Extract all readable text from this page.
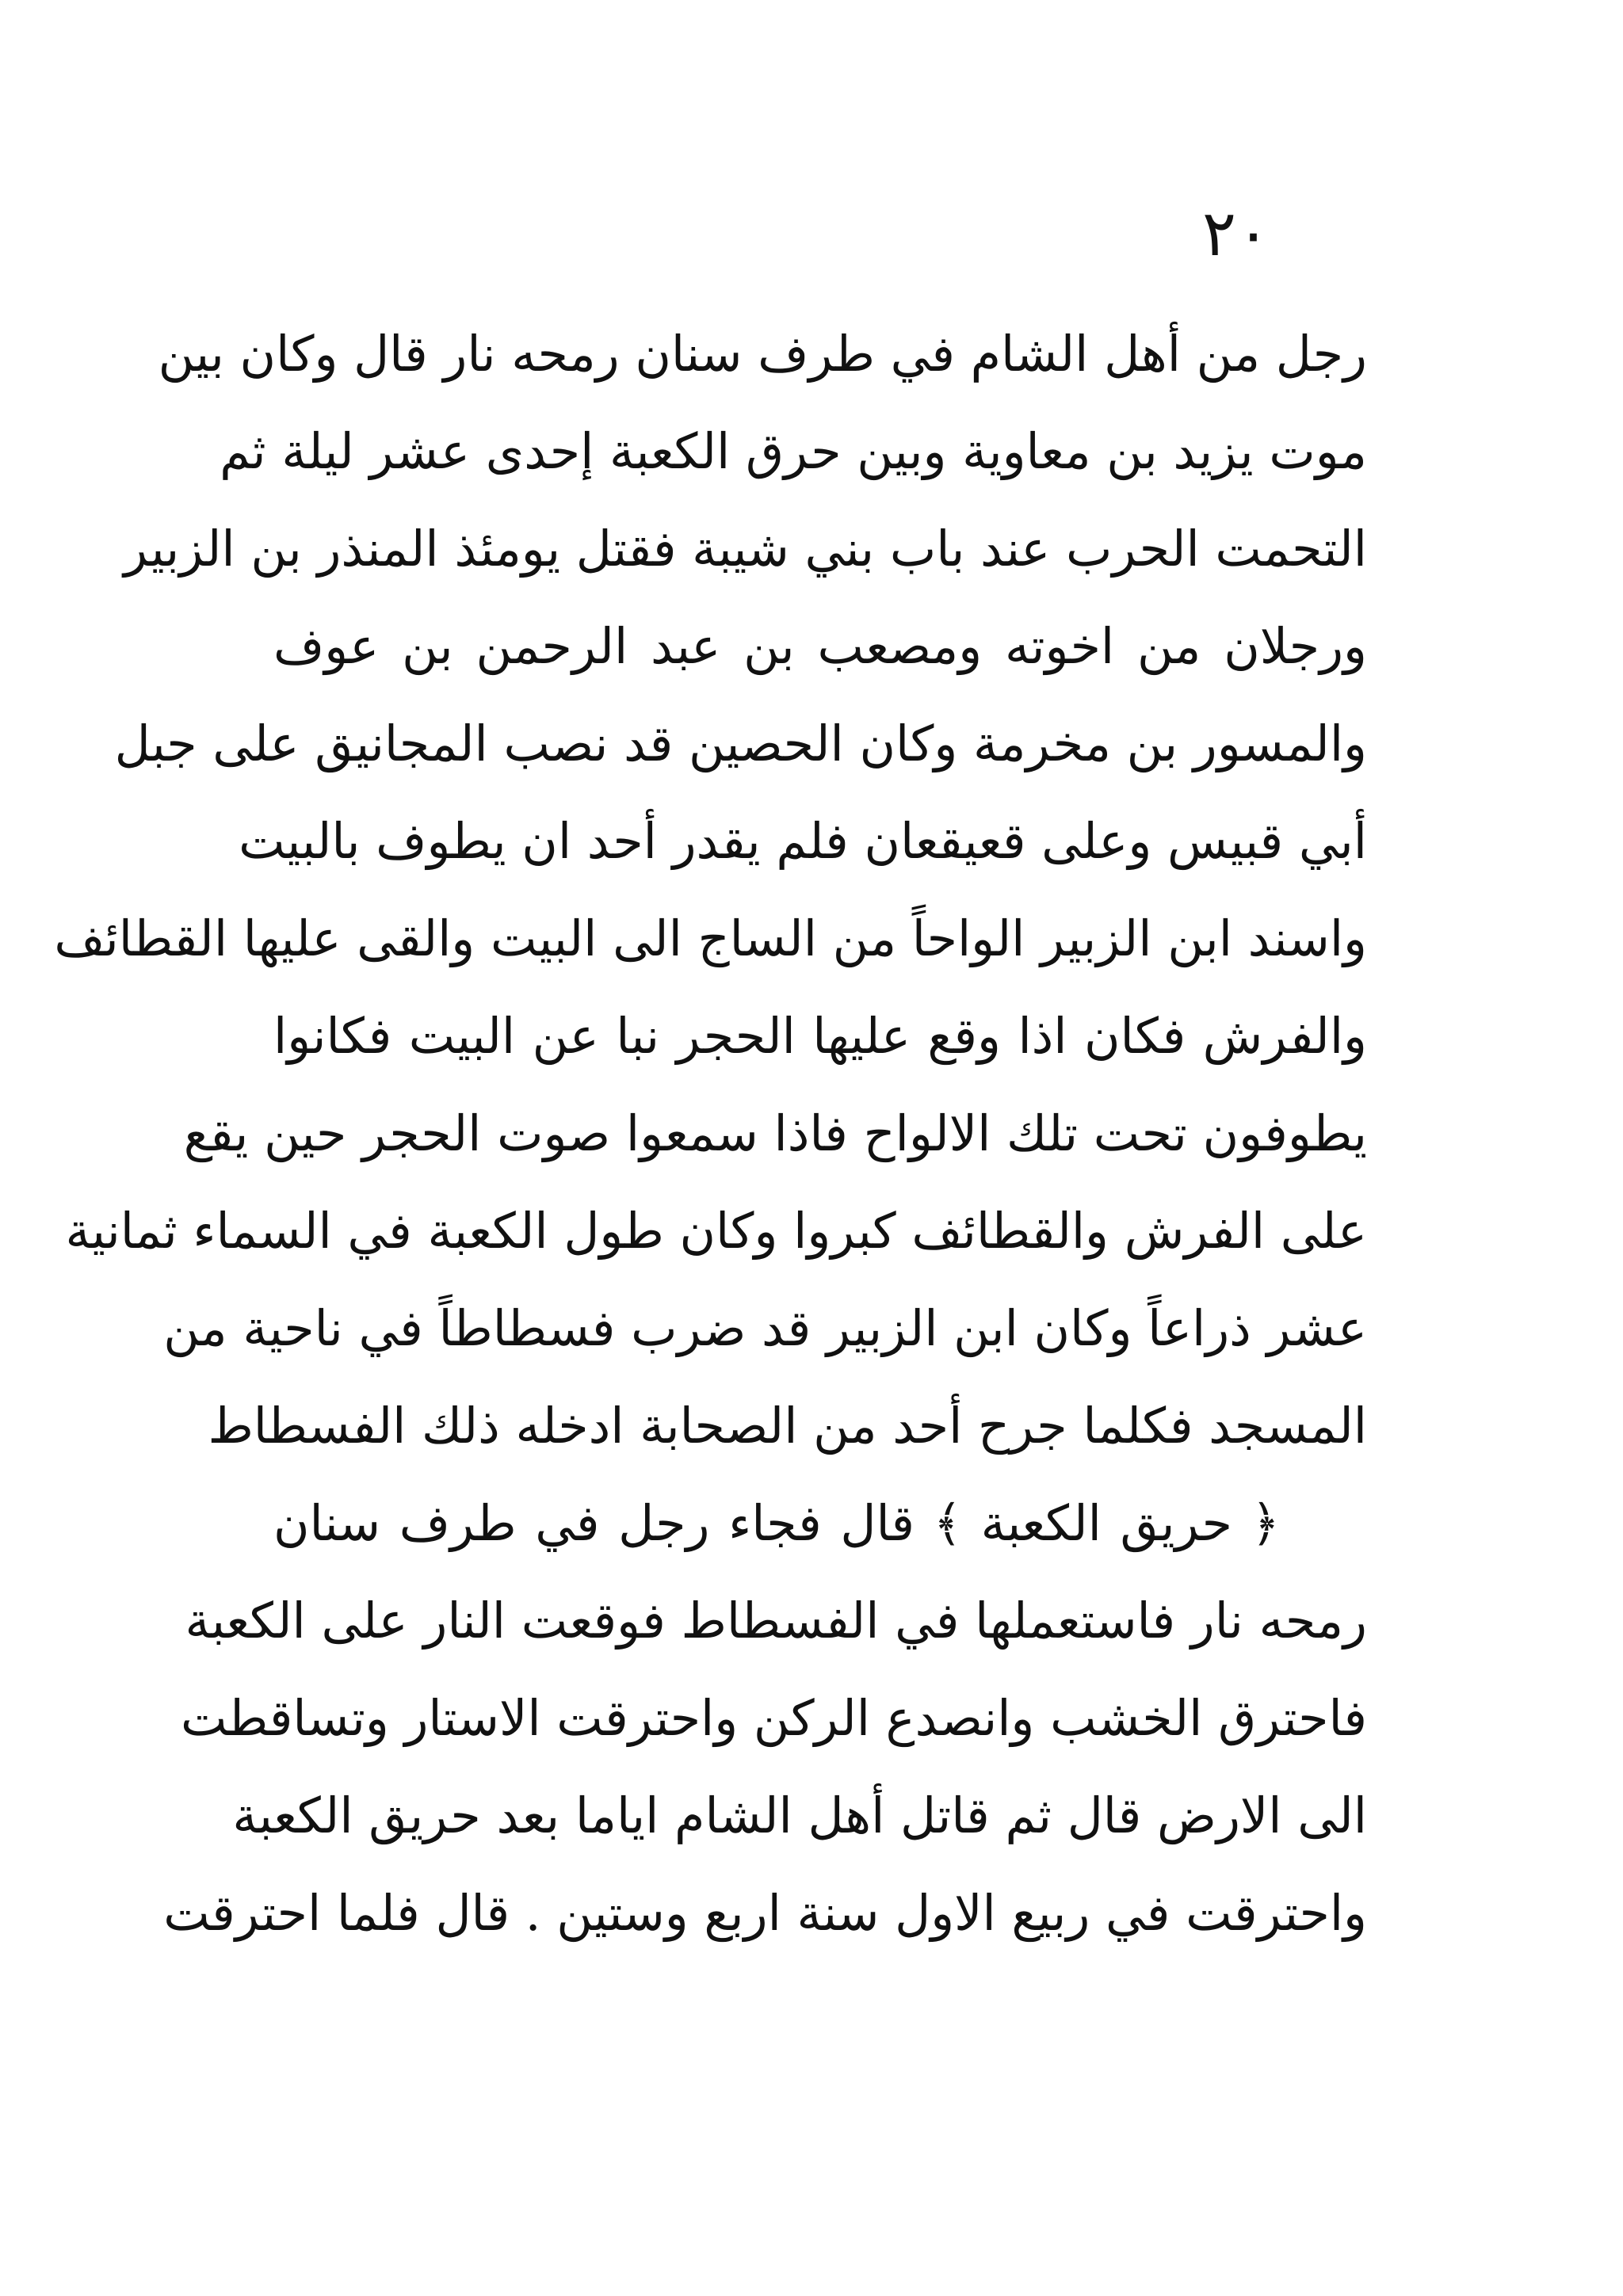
٢٠
رجل من أهل الشام في طرف سنان رمحه نار قال وكان بين
موت يزيد بن معاوية وبين حرق الكعبة إحدى عشر ليلة ثم
التحمت الحرب عند باب بني شيبة فقتل يومئذ المنذر بن الزبير
ورجلان من اخوته ومصعب بن عبد الرحمن بن عوف
والمسور بن مخرمة وكان الحصين قد نصب المجانيق على جبل
أبي قبيس وعلى قعيقعان فلم يقدر أحد ان يطوف بالبيت
واسند ابن الزبير الواحاً من الساج الى البيت والقى عليها القطائف
والفرش فكان اذا وقع عليها الحجر نبا عن البيت فكانوا
يطوفون تحت تلك الالواح فاذا سمعوا صوت الحجر حين يقع
على الفرش والقطائف كبروا وكان طول الكعبة في السماء ثمانية
عشر ذراعاً وكان ابن الزبير قد ضرب فسطاطاً في ناحية من
المسجد فكلما جرح أحد من الصحابة ادخله ذلك الفسطاط
﴿ حريق الكعبة ﴾ قال فجاء رجل في طرف سنان
رمحه نار فاستعملها في الفسطاط فوقعت النار على الكعبة
فاحترق الخشب وانصدع الركن واحترقت الاستار وتساقطت
الى الارض قال ثم قاتل أهل الشام اياما بعد حريق الكعبة
واحترقت في ربيع الاول سنة اربع وستين . قال فلما احترقت
